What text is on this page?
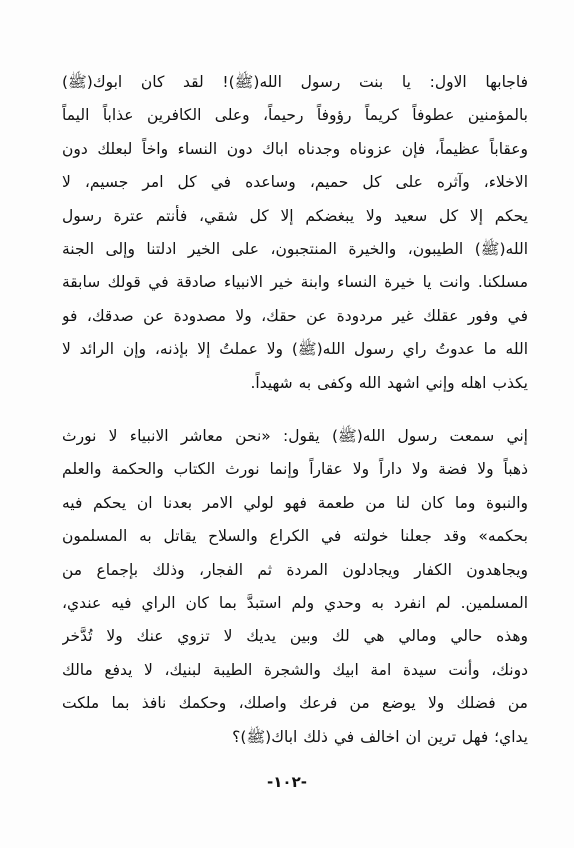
فاجابها الاول: يا بنت رسول الله(ﷺ)! لقد كان ابوك(ﷺ)
بالمؤمنين عطوفاً كريماً رؤوفاً رحيماً، وعلى الكافرين عذاباً اليماً
وعقاباً عظيماً، فإن عزوناه وجدناه اباك دون النساء واخاً لبعلك دون
الاخلاء، وآثره على كل حميم، وساعده في كل امر جسيم، لا
يحكم إلا كل سعيد ولا يبغضكم إلا كل شقي، فأنتم عترة رسول
الله(ﷺ) الطيبون، والخيرة المنتجبون، على الخير ادلتنا وإلى الجنة
مسلكنا. وانت يا خيرة النساء وابنة خير الانبياء صادقة في قولك سابقة
في وفور عقلك غير مردودة عن حقك، ولا مصدودة عن صدقك، فو
الله ما عدوتُ راي رسول الله(ﷺ) ولا عملتُ إلا بإذنه، وإن الرائد لا
يكذب اهله وإني اشهد الله وكفى به شهيداً.
إني سمعت رسول الله(ﷺ) يقول: «نحن معاشر الانبياء لا نورث
ذهباً ولا فضة ولا داراً ولا عقاراً وإنما نورث الكتاب والحكمة والعلم
والنبوة وما كان لنا من طعمة فهو لولي الامر بعدنا ان يحكم فيه
بحكمه» وقد جعلنا خولته في الكراع والسلاح يقاتل به المسلمون
ويجاهدون الكفار ويجادلون المردة ثم الفجار، وذلك بإجماع من
المسلمين. لم انفرد به وحدي ولم استبدَّ بما كان الراي فيه عندي،
وهذه حالي ومالي هي لك وبين يديك لا تزوي عنك ولا تُدَّخر
دونك، وأنت سيدة امة ابيك والشجرة الطيبة لبنيك، لا يدفع مالك
من فضلك ولا يوضع من فرعك واصلك، وحكمك نافذ بما ملكت
يداي؛ فهل ترين ان اخالف في ذلك اباك(ﷺ)؟
-١٠٢-
